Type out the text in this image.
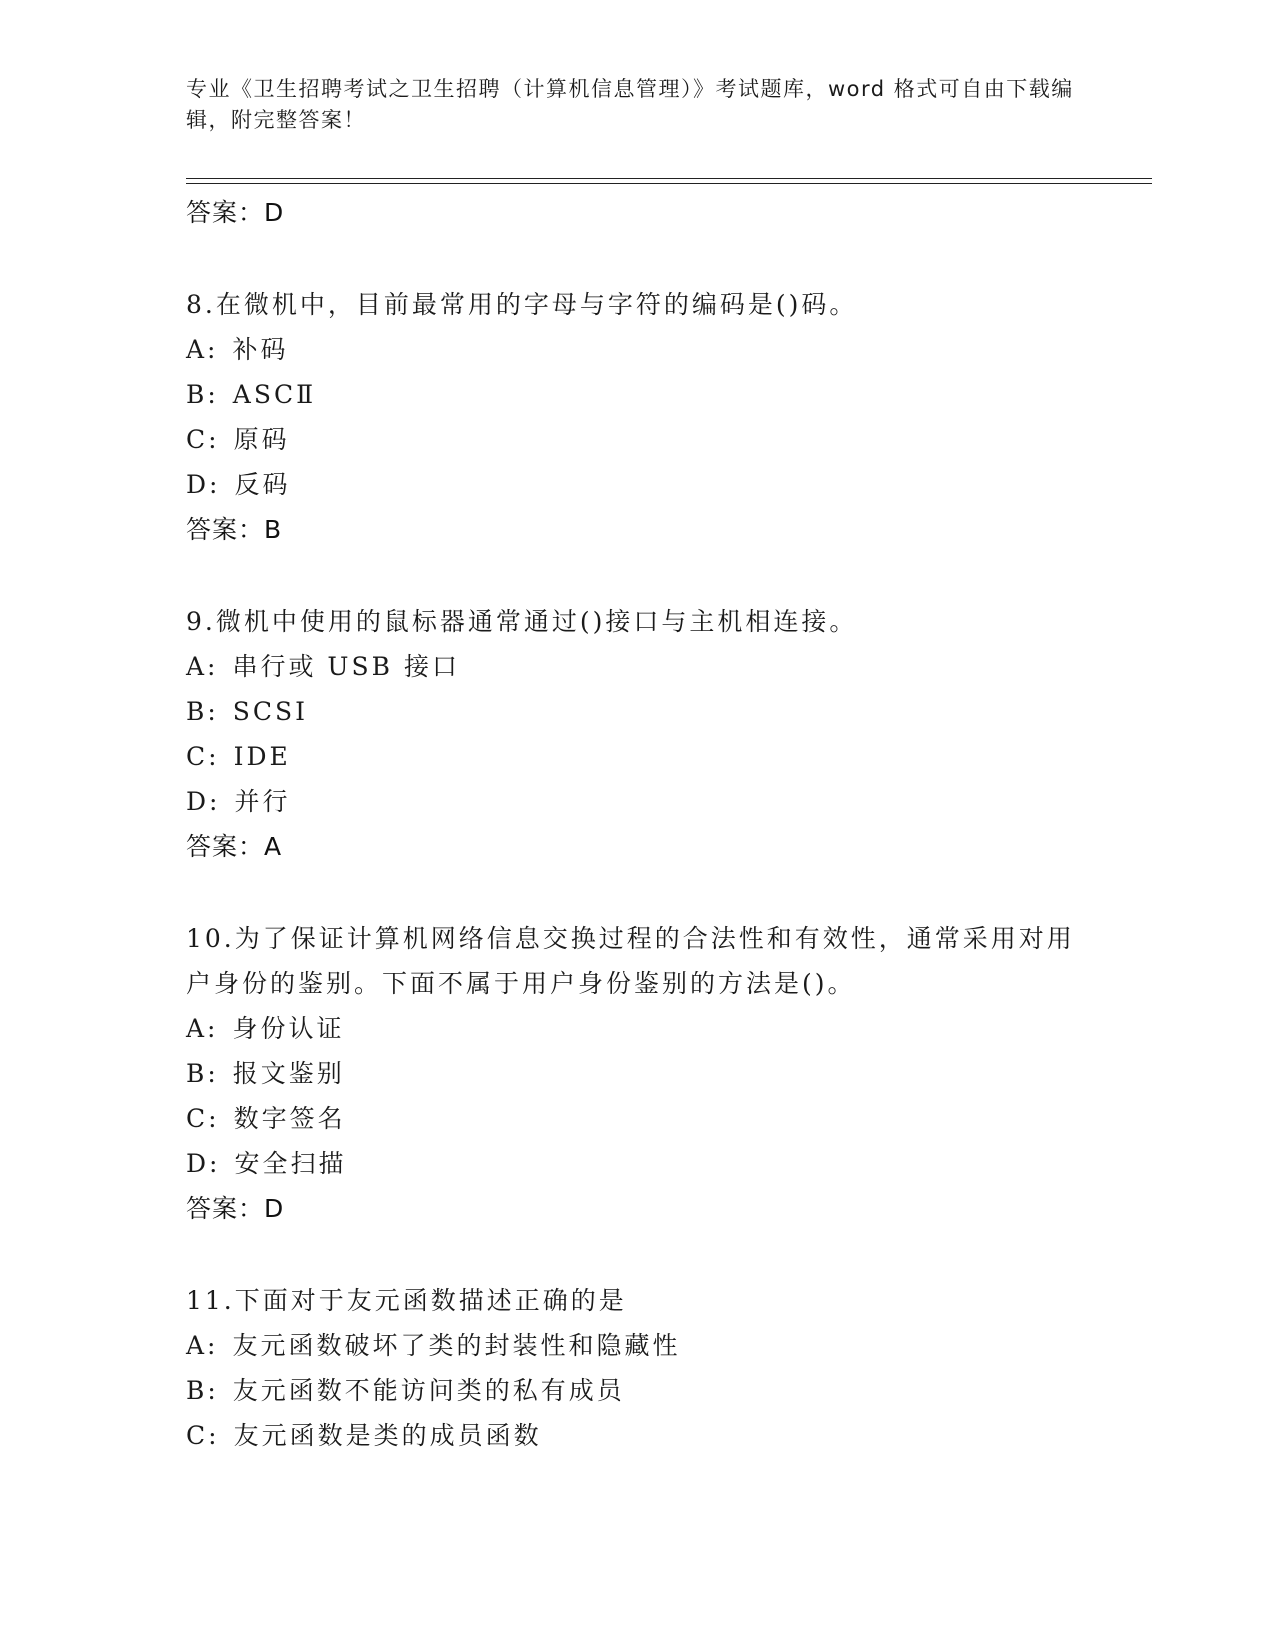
专业《卫生招聘考试之卫生招聘（计算机信息管理）》考试题库，word 格式可自由下载编辑，附完整答案！
答案：D
8.在微机中，目前最常用的字母与字符的编码是()码。
A: 补码
B: ASCⅡ
C: 原码
D: 反码
答案：B
9.微机中使用的鼠标器通常通过()接口与主机相连接。
A: 串行或 USB 接口
B: SCSI
C: IDE
D: 并行
答案：A
10.为了保证计算机网络信息交换过程的合法性和有效性，通常采用对用户身份的鉴别。下面不属于用户身份鉴别的方法是()。
A: 身份认证
B: 报文鉴别
C: 数字签名
D: 安全扫描
答案：D
11.下面对于友元函数描述正确的是
A: 友元函数破坏了类的封装性和隐藏性
B: 友元函数不能访问类的私有成员
C: 友元函数是类的成员函数
